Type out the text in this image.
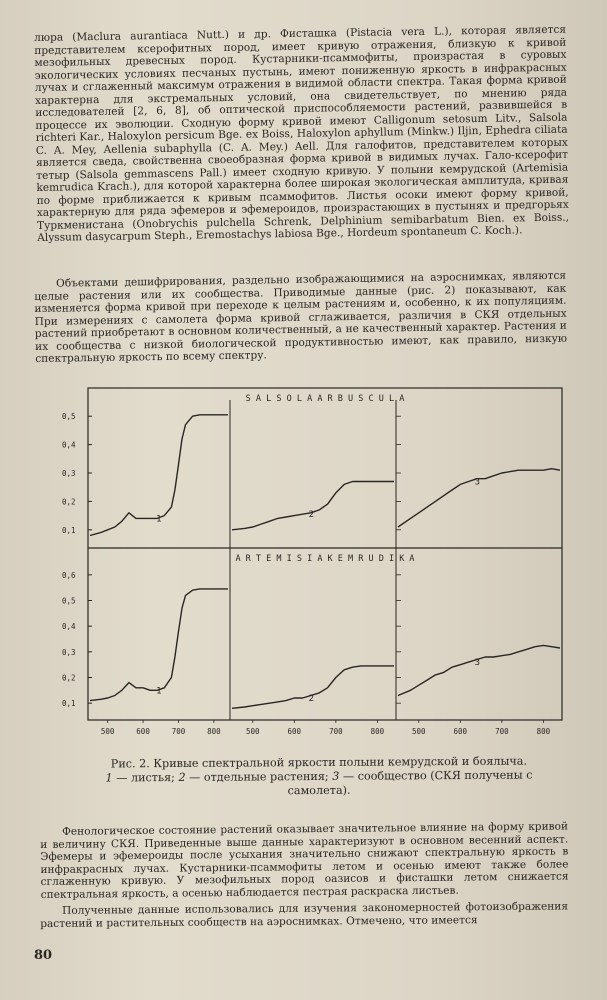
люра (Maclura aurantiaca Nutt.) и др. Фисташка (Pistacia vera L.), которая является представителем ксерофитных пород, имеет кривую отражения, близкую к кривой мезофильных древесных пород. Кустарники-псаммофиты, произрастая в суровых экологических условиях песчаных пустынь, имеют пониженную яркость в инфракрасных лучах и сглаженный максимум отражения в видимой области спектра. Такая форма кривой характерна для экстремальных условий, она свидетельствует, по мнению ряда исследователей [2, 6, 8], об оптической приспособляемости растений, развившейся в процессе их эволюции. Сходную форму кривой имеют Calligonum setosum Litv., Salsola richteri Kar., Haloxylon persicum Bge. ex Boiss, Haloxylon aphyllum (Minkw.) Iljin, Ephedra ciliata C. A. Mey, Aellenia subaphylla (C. A. Mey.) Aell. Для галофитов, представителем которых является сведа, свойственна своеобразная форма кривой в видимых лучах. Гало-ксерофит тетыр (Salsola gemmascens Pall.) имеет сходную кривую. У полыни кемрудской (Artemisia kemrudica Krach.), для которой характерна более широкая экологическая амплитуда, кривая по форме приближается к кривым псаммофитов. Листья осоки имеют форму кривой, характерную для ряда эфемеров и эфемероидов, произрастающих в пустынях и предгорьях Туркменистана (Onobrychis pulchella Schrenk, Delphinium semibarbatum Bien. ex Boiss., Alyssum dasycarpum Steph., Eremostachys labiosa Bge., Hordeum spontaneum C. Koch.).
Объектами дешифрирования, раздельно изображающимися на аэроснимках, являются целые растения или их сообщества. Приводимые данные (рис. 2) показывают, как изменяется форма кривой при переходе к целым растениям и, особенно, к их популяциям. При измерениях с самолета форма кривой сглаживается, различия в СКЯ отдельных растений приобретают в основном количественный, а не качественный характер. Растения и их сообщества с низкой биологической продуктивностью имеют, как правило, низкую спектральную яркость по всему спектру.
S A L S O L A A R B U S C U L A
0,1
0,2
0,3
0,4
0,5
1	2
3
A R T E M I S I A K E M R U D I K A
0,1
0,2
0,3
0,4
0,5
0,6
1
2
3
500	600	700	800	500	600	700	800	500	600	700	800
Рис. 2. Кривые спектральной яркости полыни кемрудской и боялыча.
1 — листья; 2 — отдельные растения; 3 — сообщество (СКЯ получены с самолета).
Фенологическое состояние растений оказывает значительное влияние на форму кривой и величину СКЯ. Приведенные выше данные характеризуют в основном весенний аспект. Эфемеры и эфемероиды после усыхания значительно снижают спектральную яркость в инфракрасных лучах. Кустарники-псаммофиты летом и осенью имеют также более сглаженную кривую. У мезофильных пород оазисов и фисташки летом снижается спектральная яркость, а осенью наблюдается пестрая раскраска листьев.
Полученные данные использовались для изучения закономерностей фотоизображения растений и растительных сообществ на аэроснимках. Отмечено, что имеется
80
